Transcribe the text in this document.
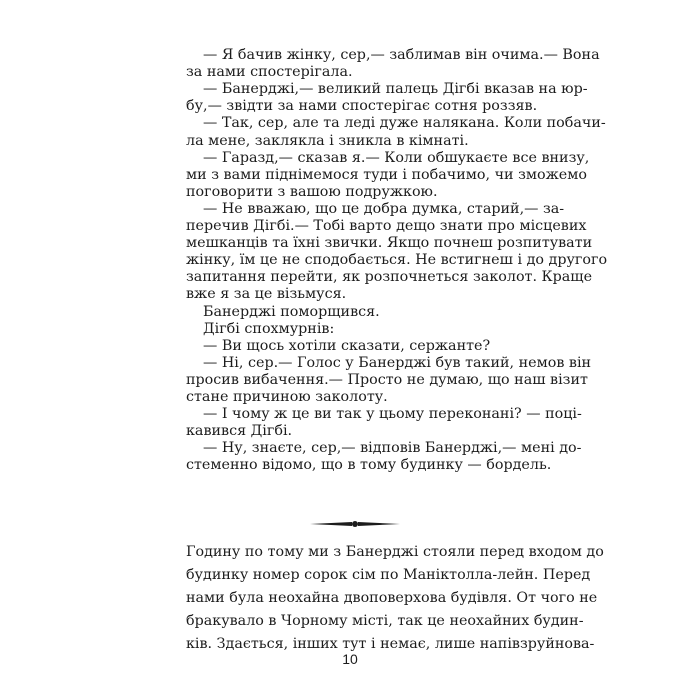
— Я бачив жінку, сер,— заблимав він очима.— Вона
за нами спостерігала.
— Банерджі,— великий палець Дігбі вказав на юр-
бу,— звідти за нами спостерігає сотня роззяв.
— Так, сер, але та леді дуже налякана. Коли побачи-
ла мене, заклякла і зникла в кімнаті.
— Гаразд,— сказав я.— Коли обшукаєте все внизу,
ми з вами піднімемося туди і побачимо, чи зможемо
поговорити з вашою подружкою.
— Не вважаю, що це добра думка, старий,— за-
перечив Дігбі.— Тобі варто дещо знати про місцевих
мешканців та їхні звички. Якщо почнеш розпитувати
жінку, їм це не сподобається. Не встигнеш і до другого
запитання перейти, як розпочнеться заколот. Краще
вже я за це візьмуся.
Банерджі поморщився.
Дігбі спохмурнів:
— Ви щось хотіли сказати, сержанте?
— Ні, сер.— Голос у Банерджі був такий, немов він
просив вибачення.— Просто не думаю, що наш візит
стане причиною заколоту.
— І чому ж це ви так у цьому переконані? — поці-
кавився Дігбі.
— Ну, знаєте, сер,— відповів Банерджі,— мені до-
стеменно відомо, що в тому будинку — бордель.
Годину по тому ми з Банерджі стояли перед входом до
будинку номер сорок сім по Маніктолла-лейн. Перед
нами була неохайна двоповерхова будівля. От чого не
бракувало в Чорному місті, так це неохайних будин-
ків. Здається, інших тут і немає, лише напівзруйнова-
10
